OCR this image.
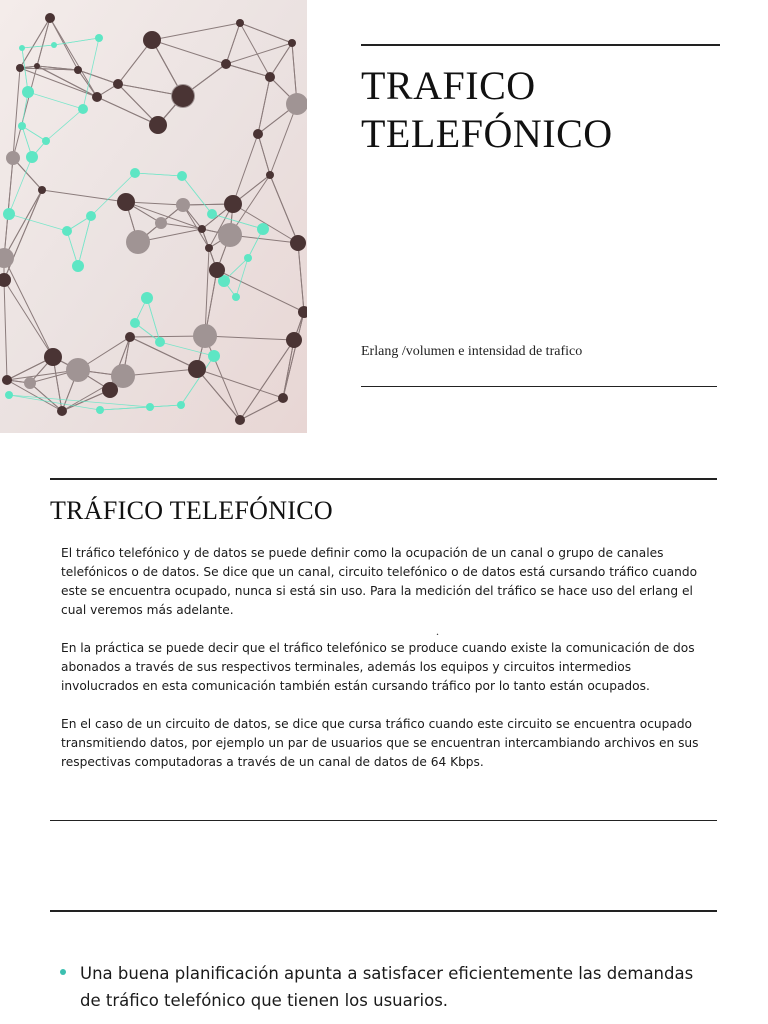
TRAFICO
TELEFÓNICO
Erlang /volumen e intensidad de trafico
TRÁFICO TELEFÓNICO

El tráfico telefónico y de datos se puede definir como la ocupación de un canal o grupo de canales telefónicos o de datos. Se dice que un canal, circuito telefónico o de datos está cursando tráfico cuando este se encuentra ocupado, nunca si está sin uso. Para la medición del tráfico se hace uso del erlang el cual veremos más adelante.

En la práctica se puede decir que el tráfico telefónico se produce cuando existe la comunicación de dos abonados a través de sus respectivos terminales, además los equipos y circuitos intermedios involucrados en esta comunicación también están cursando tráfico por lo tanto están ocupados.

En el caso de un circuito de datos, se dice que cursa tráfico cuando este circuito se encuentra ocupado transmitiendo datos, por ejemplo un par de usuarios que se encuentran intercambiando archivos en sus respectivas computadoras a través de un canal de datos de 64 Kbps.

.
Una buena planificación apunta a satisfacer eficientemente las demandas de tráfico telefónico que tienen los usuarios.
